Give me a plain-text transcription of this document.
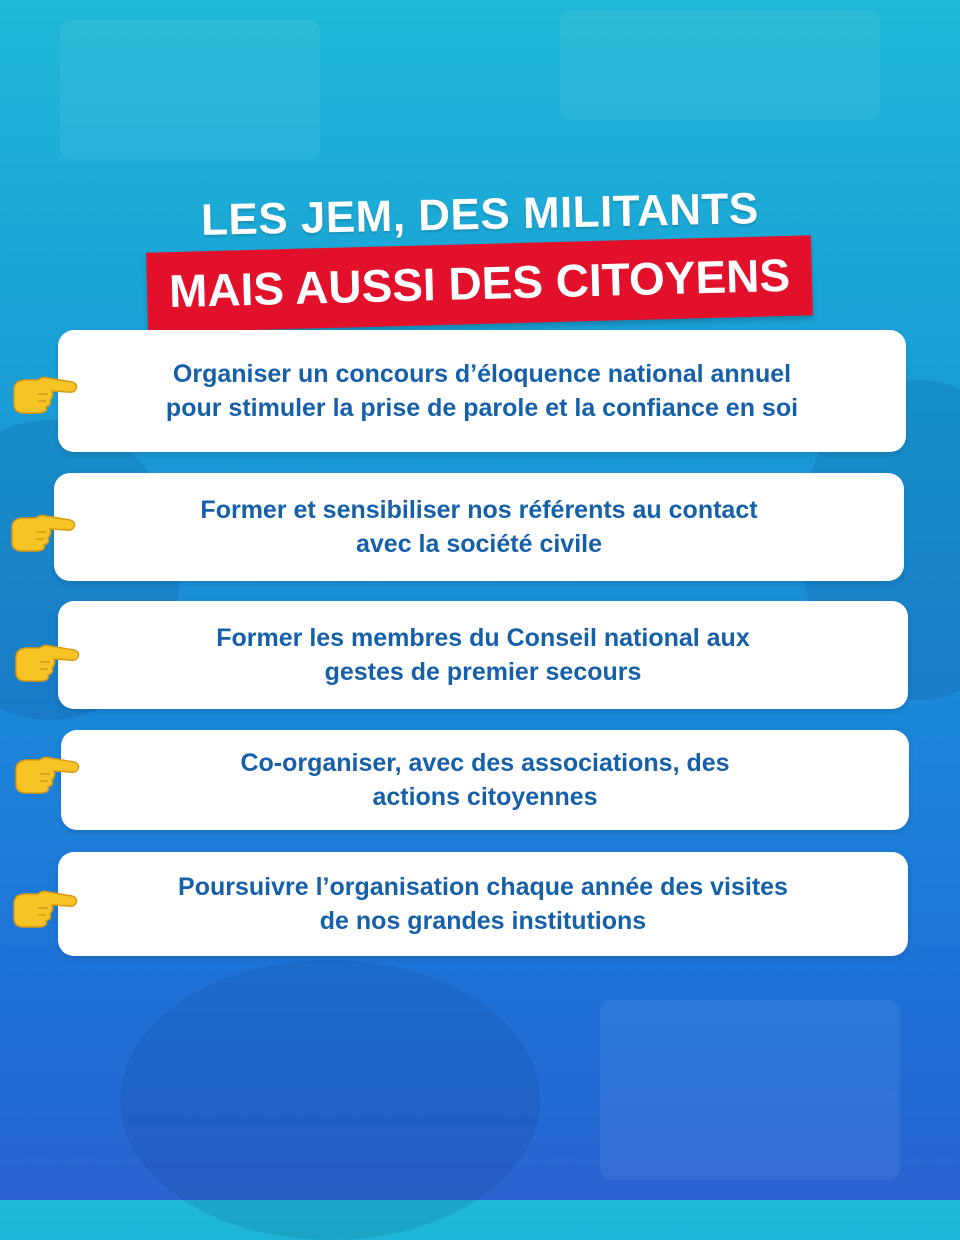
LES JEM, DES MILITANTS
MAIS AUSSI DES CITOYENS
Organiser un concours d’éloquence national annuel
pour stimuler la prise de parole et la confiance en soi
Former et sensibiliser nos référents au contact
avec la société civile
Former les membres du Conseil national aux
gestes de premier secours
Co-organiser, avec des associations, des
actions citoyennes
Poursuivre l’organisation chaque année des visites
de nos grandes institutions
